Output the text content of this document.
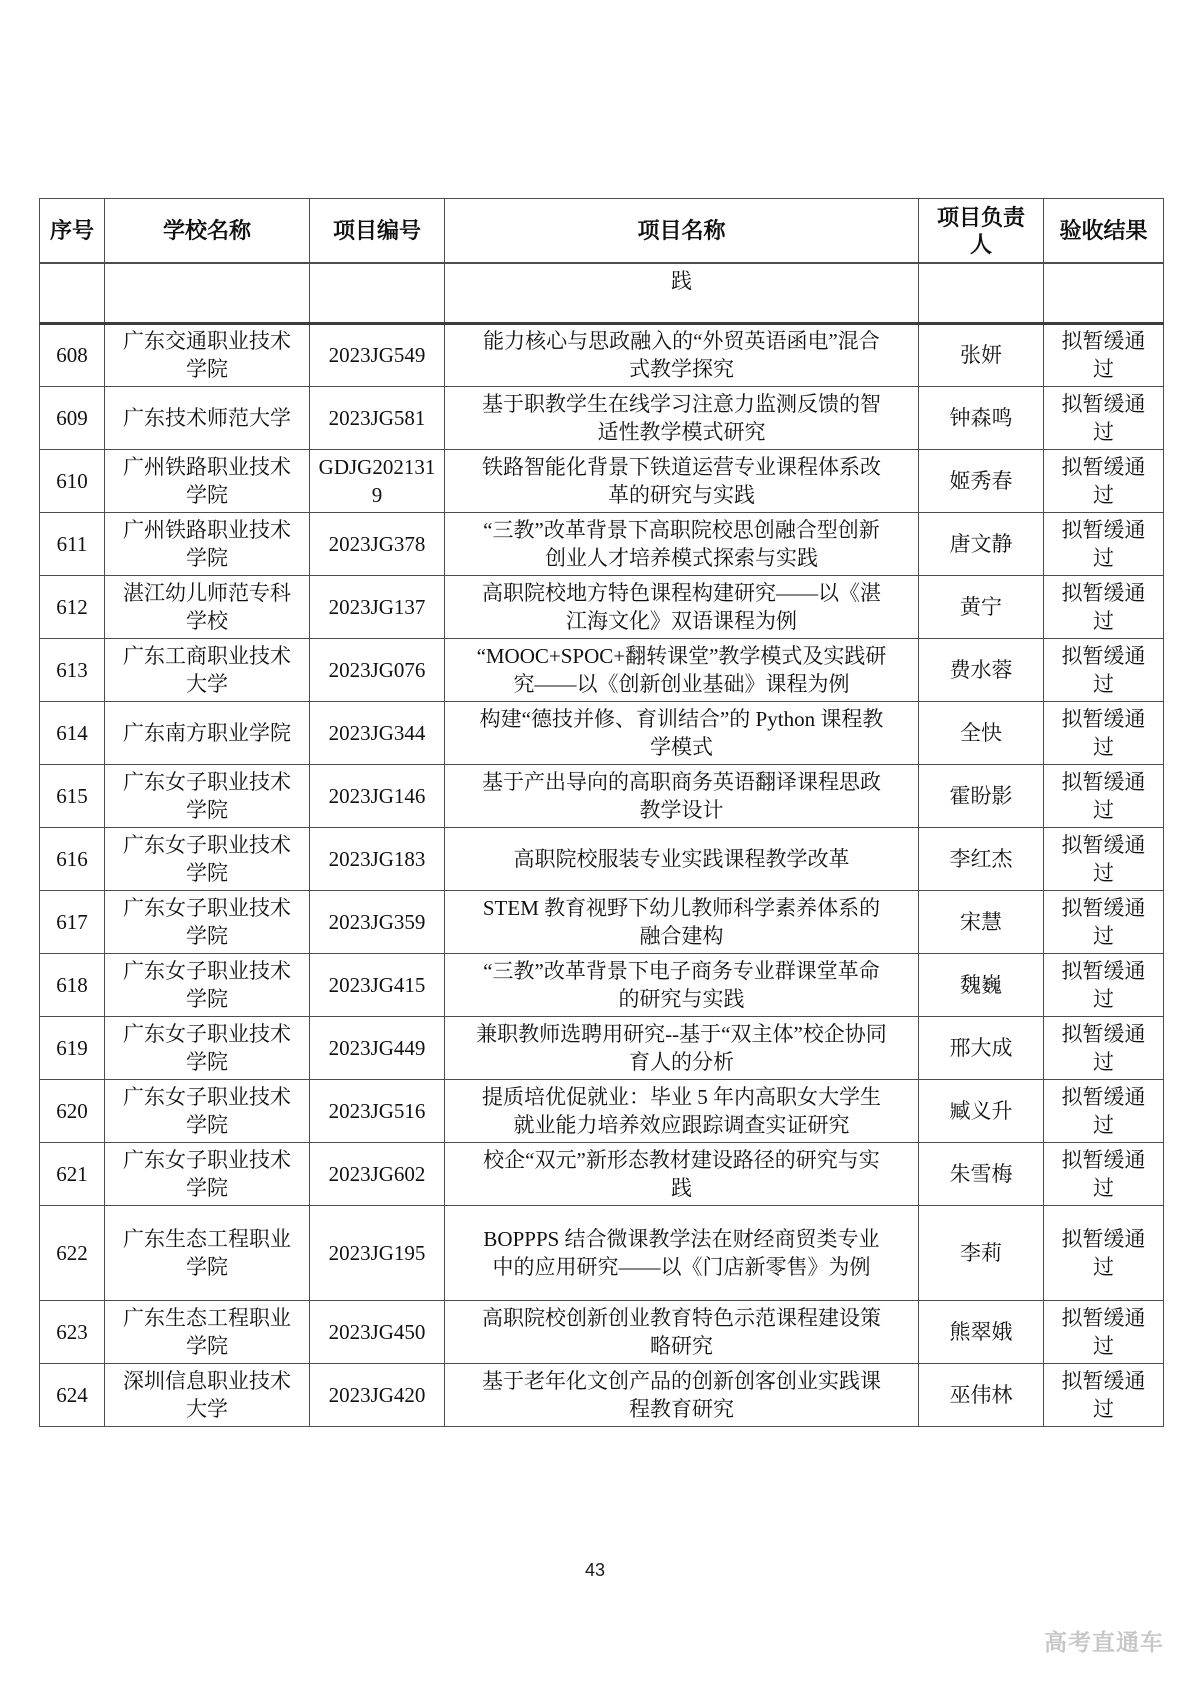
序号	学校名称	项目编号	项目名称	项目负责人	验收结果
			践		
608	广东交通职业技术学院	2023JG549	能力核心与思政融入的“外贸英语函电”混合式教学探究	张妍	拟暂缓通过
609	广东技术师范大学	2023JG581	基于职教学生在线学习注意力监测反馈的智适性教学模式研究	钟森鸣	拟暂缓通过
610	广州铁路职业技术学院	GDJG2021319	铁路智能化背景下铁道运营专业课程体系改革的研究与实践	姬秀春	拟暂缓通过
611	广州铁路职业技术学院	2023JG378	“三教”改革背景下高职院校思创融合型创新创业人才培养模式探索与实践	唐文静	拟暂缓通过
612	湛江幼儿师范专科学校	2023JG137	高职院校地方特色课程构建研究——以《湛江海文化》双语课程为例	黄宁	拟暂缓通过
613	广东工商职业技术大学	2023JG076	“MOOC+SPOC+翻转课堂”教学模式及实践研究——以《创新创业基础》课程为例	费水蓉	拟暂缓通过
614	广东南方职业学院	2023JG344	构建“德技并修、育训结合”的 Python 课程教学模式	全快	拟暂缓通过
615	广东女子职业技术学院	2023JG146	基于产出导向的高职商务英语翻译课程思政教学设计	霍盼影	拟暂缓通过
616	广东女子职业技术学院	2023JG183	高职院校服装专业实践课程教学改革	李红杰	拟暂缓通过
617	广东女子职业技术学院	2023JG359	STEM 教育视野下幼儿教师科学素养体系的融合建构	宋慧	拟暂缓通过
618	广东女子职业技术学院	2023JG415	“三教”改革背景下电子商务专业群课堂革命的研究与实践	魏巍	拟暂缓通过
619	广东女子职业技术学院	2023JG449	兼职教师选聘用研究--基于“双主体”校企协同育人的分析	邢大成	拟暂缓通过
620	广东女子职业技术学院	2023JG516	提质培优促就业：毕业 5 年内高职女大学生就业能力培养效应跟踪调查实证研究	臧义升	拟暂缓通过
621	广东女子职业技术学院	2023JG602	校企“双元”新形态教材建设路径的研究与实践	朱雪梅	拟暂缓通过
622	广东生态工程职业学院	2023JG195	BOPPPS 结合微课教学法在财经商贸类专业中的应用研究——以《门店新零售》为例	李莉	拟暂缓通过
623	广东生态工程职业学院	2023JG450	高职院校创新创业教育特色示范课程建设策略研究	熊翠娥	拟暂缓通过
624	深圳信息职业技术大学	2023JG420	基于老年化文创产品的创新创客创业实践课程教育研究	巫伟林	拟暂缓通过
43
高考直通车
